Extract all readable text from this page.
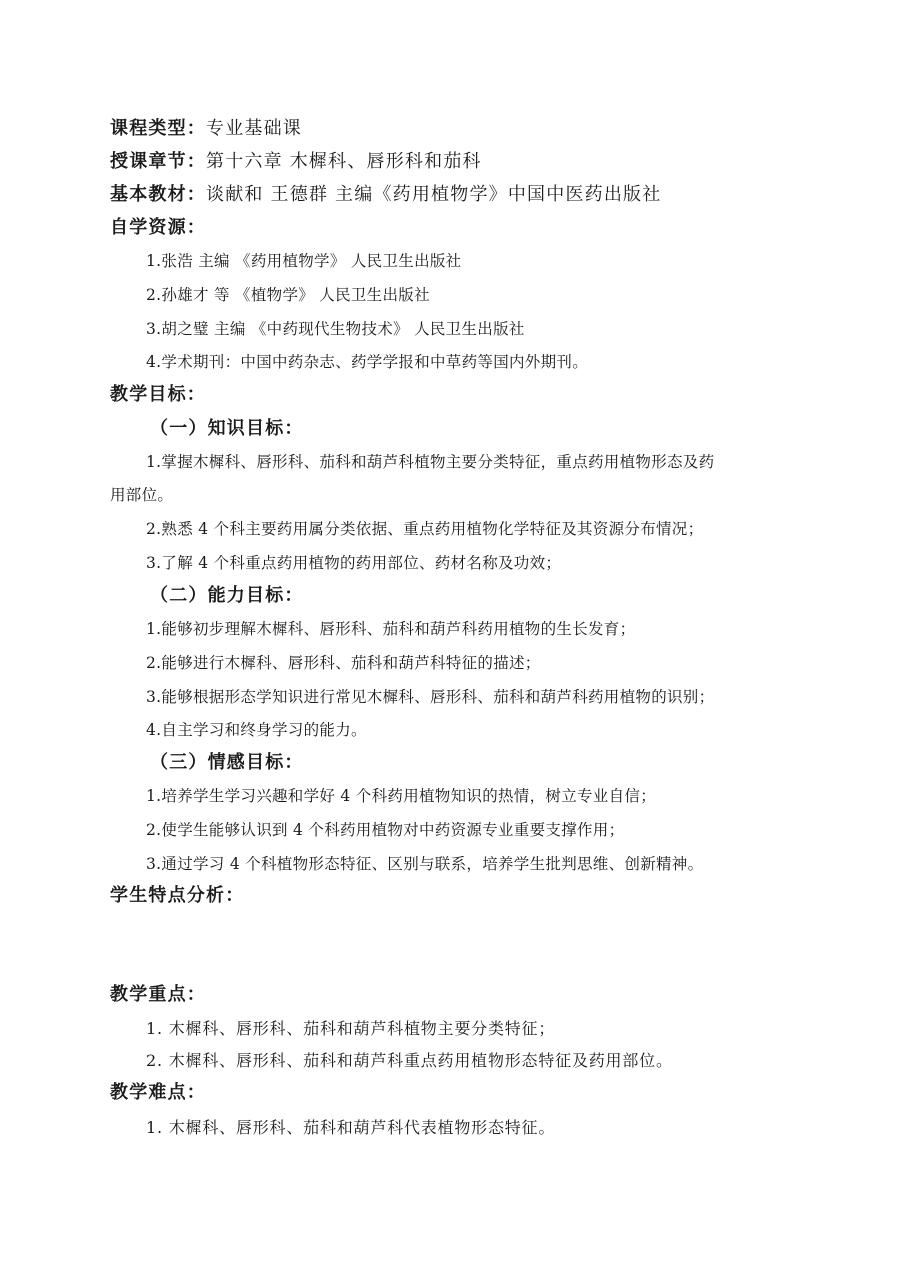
课程类型：专业基础课
授课章节：第十六章 木樨科、唇形科和茄科
基本教材：谈献和 王德群 主编《药用植物学》中国中医药出版社
自学资源：
1.张浩 主编 《药用植物学》 人民卫生出版社
2.孙雄才 等 《植物学》 人民卫生出版社
3.胡之璧 主编 《中药现代生物技术》 人民卫生出版社
4.学术期刊：中国中药杂志、药学学报和中草药等国内外期刊。
教学目标：
（一）知识目标：
1.掌握木樨科、唇形科、茄科和葫芦科植物主要分类特征，重点药用植物形态及药
用部位。
2.熟悉 4 个科主要药用属分类依据、重点药用植物化学特征及其资源分布情况；
3.了解 4 个科重点药用植物的药用部位、药材名称及功效；
（二）能力目标：
1.能够初步理解木樨科、唇形科、茄科和葫芦科药用植物的生长发育；
2.能够进行木樨科、唇形科、茄科和葫芦科特征的描述；
3.能够根据形态学知识进行常见木樨科、唇形科、茄科和葫芦科药用植物的识别；
4.自主学习和终身学习的能力。
（三）情感目标：
1.培养学生学习兴趣和学好 4 个科药用植物知识的热情，树立专业自信；
2.使学生能够认识到 4 个科药用植物对中药资源专业重要支撑作用；
3.通过学习 4 个科植物形态特征、区别与联系，培养学生批判思维、创新精神。
学生特点分析：
教学重点：
1. 木樨科、唇形科、茄科和葫芦科植物主要分类特征；
2. 木樨科、唇形科、茄科和葫芦科重点药用植物形态特征及药用部位。
教学难点：
1. 木樨科、唇形科、茄科和葫芦科代表植物形态特征。
